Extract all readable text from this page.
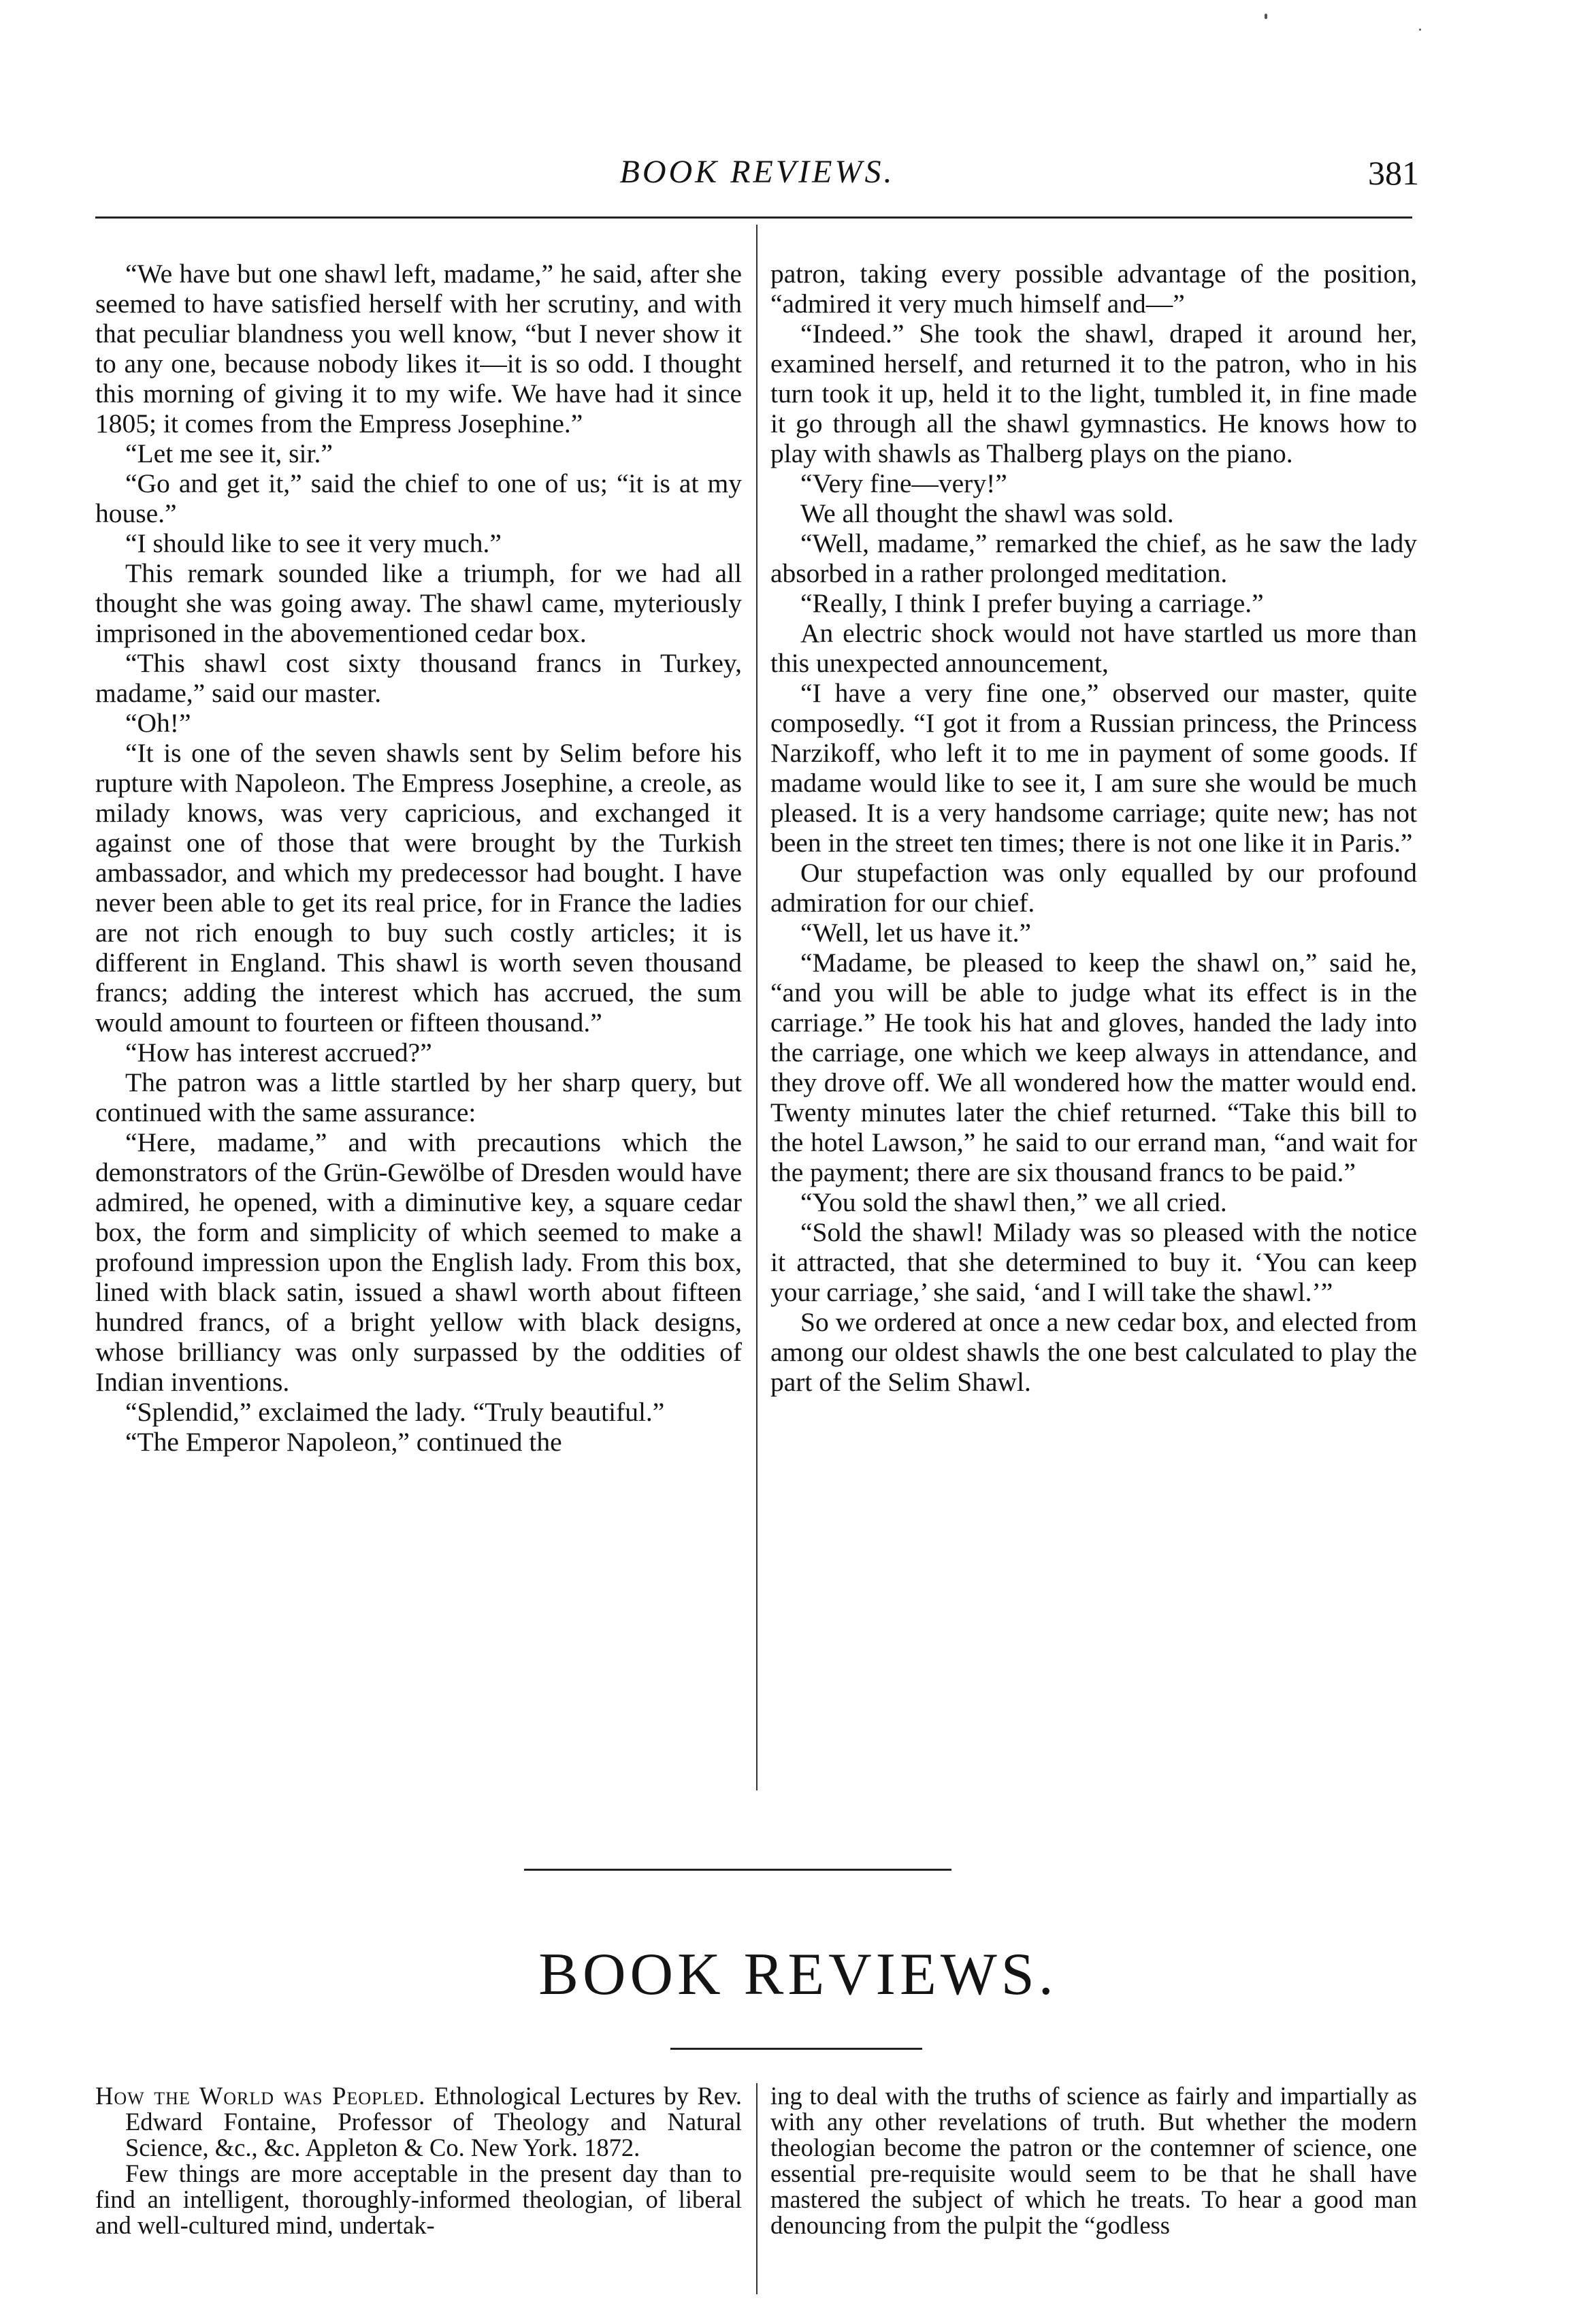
BOOK REVIEWS.	381

“We have but one shawl left, madame,” he said, after she seemed to have satisfied herself with her scrutiny, and with that peculiar blandness you well know, “but I never show it to any one, because nobody likes it—it is so odd. I thought this morning of giving it to my wife. We have had it since 1805; it comes from the Empress Josephine.”

“Let me see it, sir.”

“Go and get it,” said the chief to one of us; “it is at my house.”

“I should like to see it very much.”

This remark sounded like a triumph, for we had all thought she was going away. The shawl came, myteriously imprisoned in the abovementioned cedar box.

“This shawl cost sixty thousand francs in Turkey, madame,” said our master.

“Oh!”

“It is one of the seven shawls sent by Selim before his rupture with Napoleon. The Empress Josephine, a creole, as milady knows, was very capricious, and exchanged it against one of those that were brought by the Turkish ambassador, and which my predecessor had bought. I have never been able to get its real price, for in France the ladies are not rich enough to buy such costly articles; it is different in England. This shawl is worth seven thousand francs; adding the interest which has accrued, the sum would amount to fourteen or fifteen thousand.”

“How has interest accrued?”

The patron was a little startled by her sharp query, but continued with the same assurance:

“Here, madame,” and with precautions which the demonstrators of the Grün-Gewölbe of Dresden would have admired, he opened, with a diminutive key, a square cedar box, the form and simplicity of which seemed to make a profound impression upon the English lady. From this box, lined with black satin, issued a shawl worth about fifteen hundred francs, of a bright yellow with black designs, whose brilliancy was only surpassed by the oddities of Indian inventions.

“Splendid,” exclaimed the lady. “Truly beautiful.”

“The Emperor Napoleon,” continued the

patron, taking every possible advantage of the position, “admired it very much himself and—”

“Indeed.” She took the shawl, draped it around her, examined herself, and returned it to the patron, who in his turn took it up, held it to the light, tumbled it, in fine made it go through all the shawl gymnastics. He knows how to play with shawls as Thalberg plays on the piano.

“Very fine—very!”

We all thought the shawl was sold.

“Well, madame,” remarked the chief, as he saw the lady absorbed in a rather prolonged meditation.

“Really, I think I prefer buying a carriage.”

An electric shock would not have startled us more than this unexpected announcement,

“I have a very fine one,” observed our master, quite composedly. “I got it from a Russian princess, the Princess Narzikoff, who left it to me in payment of some goods. If madame would like to see it, I am sure she would be much pleased. It is a very handsome carriage; quite new; has not been in the street ten times; there is not one like it in Paris.”

Our stupefaction was only equalled by our profound admiration for our chief.

“Well, let us have it.”

“Madame, be pleased to keep the shawl on,” said he, “and you will be able to judge what its effect is in the carriage.” He took his hat and gloves, handed the lady into the carriage, one which we keep always in attendance, and they drove off. We all wondered how the matter would end. Twenty minutes later the chief returned. “Take this bill to the hotel Lawson,” he said to our errand man, “and wait for the payment; there are six thousand francs to be paid.”

“You sold the shawl then,” we all cried.

“Sold the shawl! Milady was so pleased with the notice it attracted, that she determined to buy it. ‘You can keep your carriage,’ she said, ‘and I will take the shawl.’”

So we ordered at once a new cedar box, and elected from among our oldest shawls the one best calculated to play the part of the Selim Shawl.

BOOK REVIEWS.

How the World was Peopled. Ethnological Lectures by Rev. Edward Fontaine, Professor of Theology and Natural Science, &c., &c. Appleton & Co. New York. 1872.

Few things are more acceptable in the present day than to find an intelligent, thoroughly-informed theologian, of liberal and well-cultured mind, undertak-

ing to deal with the truths of science as fairly and impartially as with any other revelations of truth. But whether the modern theologian become the patron or the contemner of science, one essential pre-requisite would seem to be that he shall have mastered the subject of which he treats. To hear a good man denouncing from the pulpit the “godless
